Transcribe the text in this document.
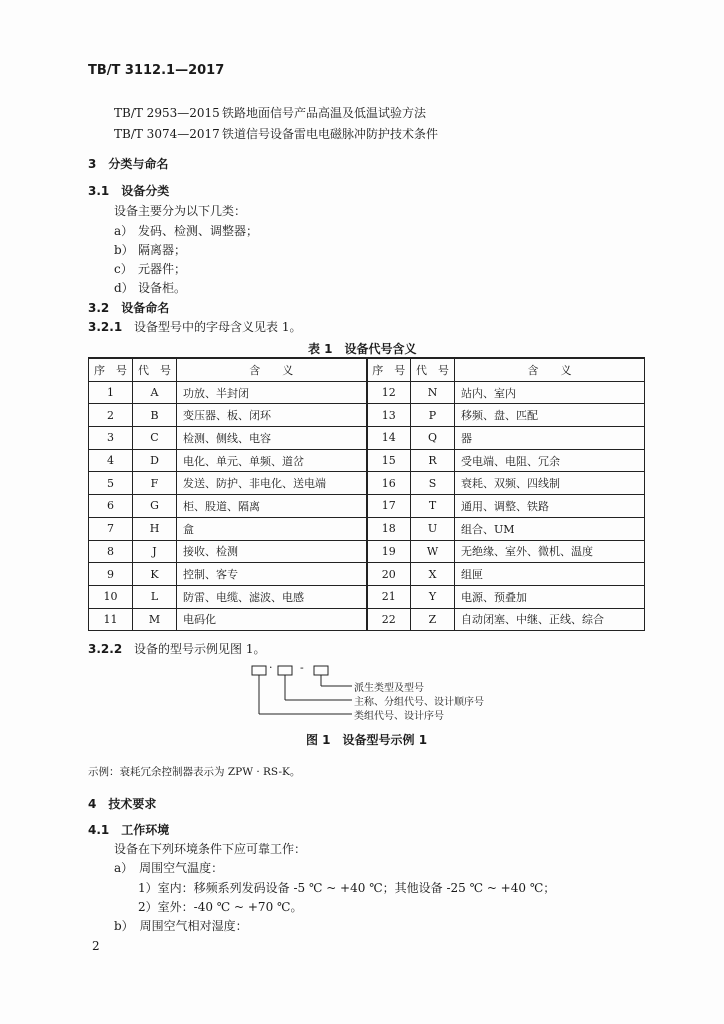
TB/T 3112.1—2017
TB/T 2953—2015 铁路地面信号产品高温及低温试验方法
TB/T 3074—2017 铁道信号设备雷电电磁脉冲防护技术条件
3　分类与命名
3.1　设备分类
设备主要分为以下几类：
a） 发码、检测、调整器；
b） 隔离器；
c） 元器件；
d） 设备柜。
3.2　设备命名
3.2.1 设备型号中的字母含义见表 1。
表 1　设备代号含义
序　号	代　号	含　　义	序　号	代　号	含　　义
1	A	功放、半封闭	12	N	站内、室内
2	B	变压器、板、闭环	13	P	移频、盘、匹配
3	C	检测、侧线、电容	14	Q	器
4	D	电化、单元、单频、道岔	15	R	受电端、电阻、冗余
5	F	发送、防护、非电化、送电端	16	S	衰耗、双频、四线制
6	G	柜、股道、隔离	17	T	通用、调整、铁路
7	H	盒	18	U	组合、UM
8	J	接收、检测	19	W	无绝缘、室外、微机、温度
9	K	控制、客专	20	X	组匣
10	L	防雷、电缆、滤波、电感	21	Y	电源、预叠加
11	M	电码化	22	Z	自动闭塞、中继、正线、综合
3.2.2 设备的型号示例见图 1。
·	-
派生类型及型号
主称、分组代号、设计顺序号
类组代号、设计序号
图 1　设备型号示例 1
示例：衰耗冗余控制器表示为 ZPW · RS-K。
4　技术要求
4.1　工作环境
设备在下列环境条件下应可靠工作：
a）　周围空气温度：
1）室内：移频系列发码设备 -5 ℃ ~ +40 ℃；其他设备 -25 ℃ ~ +40 ℃；
2）室外：-40 ℃ ~ +70 ℃。
b）　周围空气相对湿度：
2
